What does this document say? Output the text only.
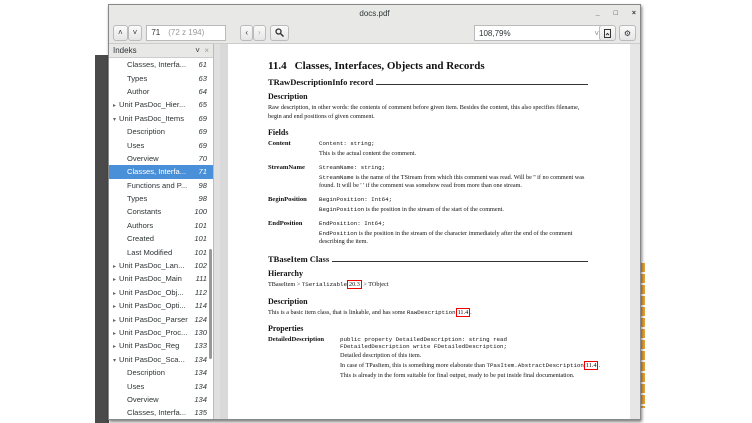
docs.pdf	_ □ ×
˄	˅	71 (72 z 194)	‹	›	108,79%	˅	⚙
Indeks	˅ ×
Classes, Interfa...	61
Types	63
Author	64
▸ Unit PasDoc_Hier...	65
▾ Unit PasDoc_Items	69
Description	69
Uses	69
Overview	70
Classes, Interfa...	71
Functions and P...	98
Types	98
Constants	100
Authors	101
Created	101
Last Modified	101
▸ Unit PasDoc_Lan...	102
▸ Unit PasDoc_Main	111
▸ Unit PasDoc_Obj...	112
▸ Unit PasDoc_Opti...	114
▸ Unit PasDoc_Parser 124
▸ Unit PasDoc_Proc... 130
▸ Unit PasDoc_Reg	133
▾ Unit PasDoc_Sca...	134
Description	134
Uses	134
Overview	134
Classes, Interfa...	135
11.4 Classes, Interfaces, Objects and Records
TRawDescriptionInfo record
Description

Raw description, in other words: the contents of comment before given item. Besides the content, this also specifies filename, begin and end positions of given comment.

Fields
Content	Content: string;
This is the actual content the comment.
StreamName	StreamName: string;
StreamName is the name of the TStream from which this comment was read. Will be '' if no comment was found. It will be ' ' if the comment was somehow read from more than one stream.
BeginPosition	BeginPosition: Int64;
BeginPosition is the position in the stream of the start of the comment.
EndPosition	EndPosition: Int64;
EndPosition is the position in the stream of the character immediately after the end of the comment describing the item.
TBaseItem Class
Hierarchy

TBaseItem > TSerializable 20.3 > TObject

Description

This is a basic item class, that is linkable, and has some RawDescription 11.4 .

Properties
DetailedDescription	public property DetailedDescription: string read
FDetailedDescription write FDetailedDescription;
Detailed description of this item.
In case of TPasItem, this is something more elaborate than TPasItem.AbstractDescription 11.4 .
This is already in the form suitable for final output, ready to be put inside final documentation.
